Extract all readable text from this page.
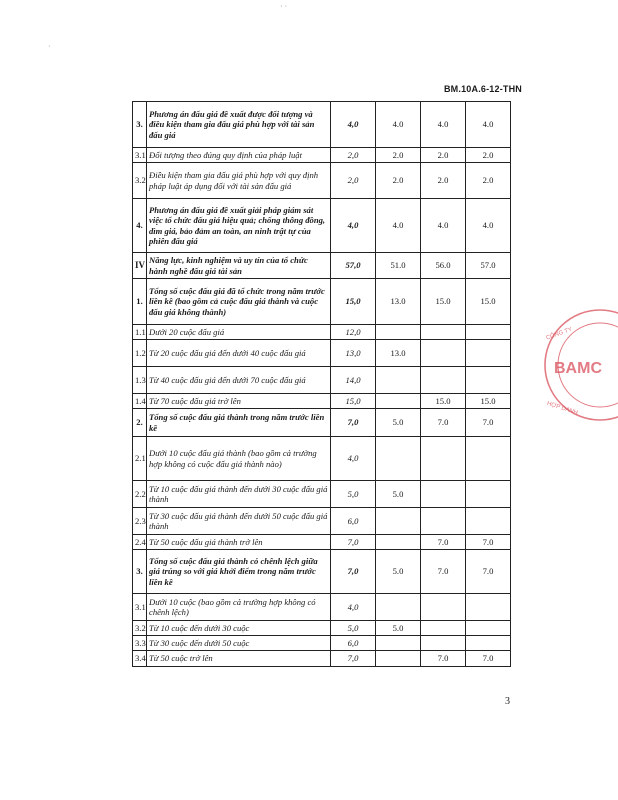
BM.10A.6-12-THN
· ·
·
3.	Phương án đấu giá đề xuất được đối tượng và điều kiện tham gia đấu giá phù hợp với tài sản đấu giá	4,0	4.0	4.0	4.0
3.1	Đối tượng theo đúng quy định của pháp luật	2,0	2.0	2.0	2.0
3.2	Điều kiện tham gia đấu giá phù hợp với quy định pháp luật áp dụng đối với tài sản đấu giá	2,0	2.0	2.0	2.0
4.	Phương án đấu giá đề xuất giải pháp giám sát việc tổ chức đấu giá hiệu quả; chống thông đồng, dìm giá, bảo đảm an toàn, an ninh trật tự của phiên đấu giá	4,0	4.0	4.0	4.0
IV	Năng lực, kinh nghiệm và uy tín của tổ chức hành nghề đấu giá tài sản	57,0	51.0	56.0	57.0
1.	Tổng số cuộc đấu giá đã tổ chức trong năm trước liền kề (bao gồm cả cuộc đấu giá thành và cuộc đấu giá không thành)	15,0	13.0	15.0	15.0
1.1	Dưới 20 cuộc đấu giá	12,0			
1.2	Từ 20 cuộc đấu giá đến dưới 40 cuộc đấu giá	13,0	13.0		
1.3	Từ 40 cuộc đấu giá đến dưới 70 cuộc đấu giá	14,0			
1.4	Từ 70 cuộc đấu giá trở lên	15,0		15.0	15.0
2.	Tổng số cuộc đấu giá thành trong năm trước liền kề	7,0	5.0	7.0	7.0
2.1	Dưới 10 cuộc đấu giá thành (bao gồm cả trường hợp không có cuộc đấu giá thành nào)	4,0			
2.2	Từ 10 cuộc đấu giá thành đến dưới 30 cuộc đấu giá thành	5,0	5.0		
2.3	Từ 30 cuộc đấu giá thành đến dưới 50 cuộc đấu giá thành	6,0			
2.4	Từ 50 cuộc đấu giá thành trở lên	7,0		7.0	7.0
3.	Tổng số cuộc đấu giá thành có chênh lệch giữa giá trúng so với giá khởi điểm trong năm trước liền kề	7,0	5.0	7.0	7.0
3.1	Dưới 10 cuộc (bao gồm cả trường hợp không có chênh lệch)	4,0			
3.2	Từ 10 cuộc đến dưới 30 cuộc	5,0	5.0		
3.3	Từ 30 cuộc đến dưới 50 cuộc	6,0			
3.4	Từ 50 cuộc trở lên	7,0		7.0	7.0
BAMC
CÔNG TY
HỢP DANH
3
